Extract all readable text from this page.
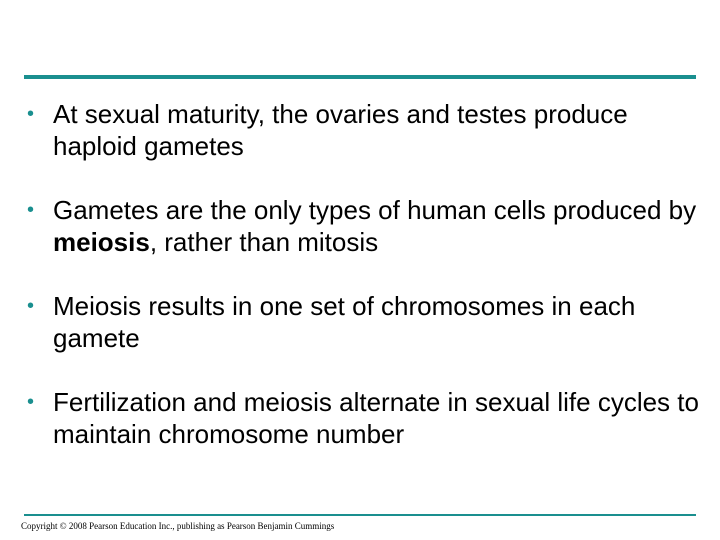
• At sexual maturity, the ovaries and testes produce haploid gametes
• Gametes are the only types of human cells produced by meiosis, rather than mitosis
• Meiosis results in one set of chromosomes in each gamete
• Fertilization and meiosis alternate in sexual life cycles to maintain chromosome number
Copyright © 2008 Pearson Education Inc., publishing as Pearson Benjamin Cummings
